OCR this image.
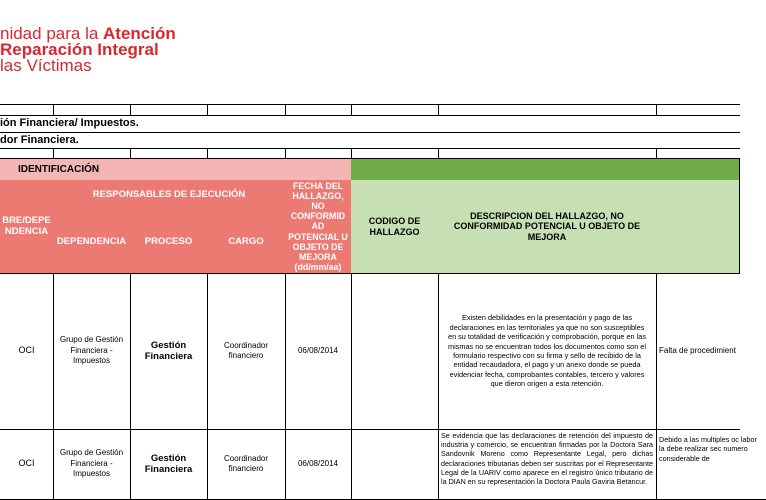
nidad para la Atención
Reparación Integral
las Víctimas
ión Financiera/ Impuestos.
dor Financiera.
IDENTIFICACIÓN
BRE/DEPE NDENCIA
RESPONSABLES DE EJECUCIÓN
DEPENDENCIA	PROCESO	CARGO
FECHA DEL HALLAZGO, NO CONFORMID AD POTENCIAL U OBJETO DE MEJORA (dd/mm/aa)
CODIGO DE HALLAZGO
DESCRIPCION DEL HALLAZGO, NO CONFORMIDAD POTENCIAL U OBJETO DE MEJORA
OCI
Grupo de Gestión Financiera - Impuestos
Gestión Financiera
Coordinador financiero
06/08/2014
Existen debilidades en la presentación y pago de las declaraciones en las territoriales ya que no son susceptibles en su totalidad de verificación y comprobación, porque en las mismas no se encuentran todos los documentos como son el formulario respectivo con su firma y sello de recibido de la entidad recaudadora, el pago y un anexo donde se pueda evidenciar fecha, comprobantes contables, tercero y valores que dieron origen a esta retención.
Falta de procedimient
OCI
Grupo de Gestión Financiera - Impuestos
Gestión Financiera
Coordinador financiero
06/08/2014
Se evidencia que las declaraciones de retención del impuesto de industria y comercio, se encuentran firmadas por la Doctora Sara Sandovnik Moreno como Representante Legal, pero dichas declaraciones tributarias deben ser suscritas por el Representante Legal de la UARIV como aparece en el registro único tributario de la DIAN en su representación la Doctora Paula Gaviria Betancur.
Debido a las multiples oc labor la debe realizar sec numero considerable de
